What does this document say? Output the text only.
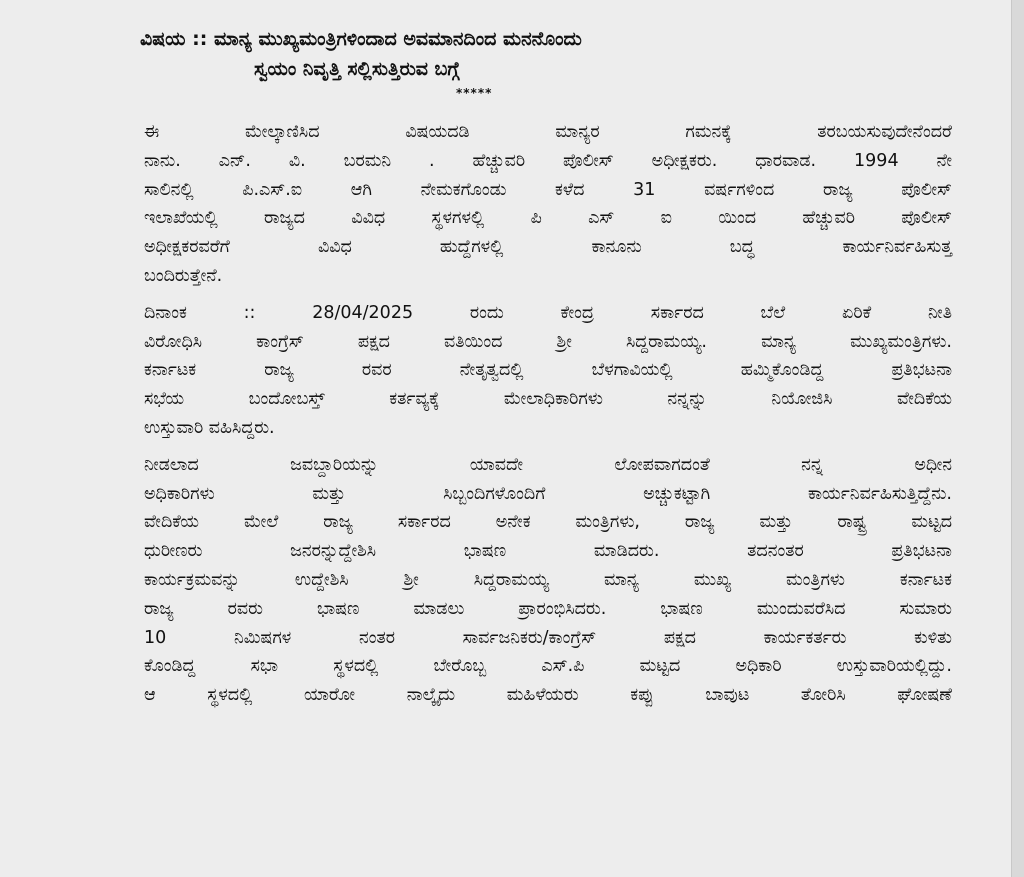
ವಿಷಯ :: ಮಾನ್ಯ ಮುಖ್ಯಮಂತ್ರಿಗಳಿಂದಾದ ಅವಮಾನದಿಂದ ಮನನೊಂದು
ಸ್ವಯಂ ನಿವೃತ್ತಿ ಸಲ್ಲಿಸುತ್ತಿರುವ ಬಗ್ಗೆ
*****

ಈ ಮೇಲ್ಕಾಣಿಸಿದ ವಿಷಯದಡಿ ಮಾನ್ಯರ ಗಮನಕ್ಕೆ ತರಬಯಸುವುದೇನೆಂದರೆ
ನಾನು. ಎನ್. ವಿ. ಬರಮನಿ . ಹೆಚ್ಚುವರಿ ಪೊಲೀಸ್ ಅಧೀಕ್ಷಕರು. ಧಾರವಾಡ. 1994 ನೇ
ಸಾಲಿನಲ್ಲಿ ಪಿ.ಎಸ್.ಐ ಆಗಿ ನೇಮಕಗೊಂಡು ಕಳೆದ 31 ವರ್ಷಗಳಿಂದ ರಾಜ್ಯ ಪೊಲೀಸ್
ಇಲಾಖೆಯಲ್ಲಿ ರಾಜ್ಯದ ವಿವಿಧ ಸ್ಥಳಗಳಲ್ಲಿ ಪಿ ಎಸ್ ಐ ಯಿಂದ ಹೆಚ್ಚುವರಿ ಪೊಲೀಸ್
ಅಧೀಕ್ಷಕರವರೆಗೆ ವಿವಿಧ ಹುದ್ದೆಗಳಲ್ಲಿ ಕಾನೂನು ಬದ್ಧ ಕಾರ್ಯನಿರ್ವಹಿಸುತ್ತ
ಬಂದಿರುತ್ತೇನೆ.

ದಿನಾಂಕ :: 28/04/2025 ರಂದು ಕೇಂದ್ರ ಸರ್ಕಾರದ ಬೆಲೆ ಏರಿಕೆ ನೀತಿ
ವಿರೋಧಿಸಿ ಕಾಂಗ್ರೆಸ್ ಪಕ್ಷದ ವತಿಯಿಂದ ಶ್ರೀ ಸಿದ್ದರಾಮಯ್ಯ. ಮಾನ್ಯ ಮುಖ್ಯಮಂತ್ರಿಗಳು.
ಕರ್ನಾಟಕ ರಾಜ್ಯ ರವರ ನೇತೃತ್ವದಲ್ಲಿ ಬೆಳಗಾವಿಯಲ್ಲಿ ಹಮ್ಮಿಕೊಂಡಿದ್ದ ಪ್ರತಿಭಟನಾ
ಸಭೆಯ ಬಂದೋಬಸ್ತ್ ಕರ್ತವ್ಯಕ್ಕೆ ಮೇಲಾಧಿಕಾರಿಗಳು ನನ್ನನ್ನು ನಿಯೋಜಿಸಿ ವೇದಿಕೆಯ
ಉಸ್ತುವಾರಿ ವಹಿಸಿದ್ದರು.

ನೀಡಲಾದ ಜವಬ್ದಾರಿಯನ್ನು ಯಾವದೇ ಲೋಪವಾಗದಂತೆ ನನ್ನ ಅಧೀನ
ಅಧಿಕಾರಿಗಳು ಮತ್ತು ಸಿಬ್ಬಂದಿಗಳೊಂದಿಗೆ ಅಚ್ಚುಕಟ್ಟಾಗಿ ಕಾರ್ಯನಿರ್ವಹಿಸುತ್ತಿದ್ದೆನು.
ವೇದಿಕೆಯ ಮೇಲೆ ರಾಜ್ಯ ಸರ್ಕಾರದ ಅನೇಕ ಮಂತ್ರಿಗಳು, ರಾಜ್ಯ ಮತ್ತು ರಾಷ್ಟ್ರ ಮಟ್ಟದ
ಧುರೀಣರು ಜನರನ್ನುದ್ದೇಶಿಸಿ ಭಾಷಣ ಮಾಡಿದರು. ತದನಂತರ ಪ್ರತಿಭಟನಾ
ಕಾರ್ಯಕ್ರಮವನ್ನು ಉದ್ದೇಶಿಸಿ ಶ್ರೀ ಸಿದ್ದರಾಮಯ್ಯ ಮಾನ್ಯ ಮುಖ್ಯ ಮಂತ್ರಿಗಳು ಕರ್ನಾಟಕ
ರಾಜ್ಯ ರವರು ಭಾಷಣ ಮಾಡಲು ಪ್ರಾರಂಭಿಸಿದರು. ಭಾಷಣ ಮುಂದುವರೆಸಿದ ಸುಮಾರು
10 ನಿಮಿಷಗಳ ನಂತರ ಸಾರ್ವಜನಿಕರು/ಕಾಂಗ್ರೆಸ್ ಪಕ್ಷದ ಕಾರ್ಯಕರ್ತರು ಕುಳಿತು
ಕೊಂಡಿದ್ದ ಸಭಾ ಸ್ಥಳದಲ್ಲಿ ಬೇರೊಬ್ಬ ಎಸ್.ಪಿ ಮಟ್ಟದ ಅಧಿಕಾರಿ ಉಸ್ತುವಾರಿಯಲ್ಲಿದ್ದು.
ಆ ಸ್ಥಳದಲ್ಲಿ ಯಾರೋ ನಾಲ್ಕೈದು ಮಹಿಳೆಯರು ಕಪ್ಪು ಬಾವುಟ ತೋರಿಸಿ ಘೋಷಣೆ
